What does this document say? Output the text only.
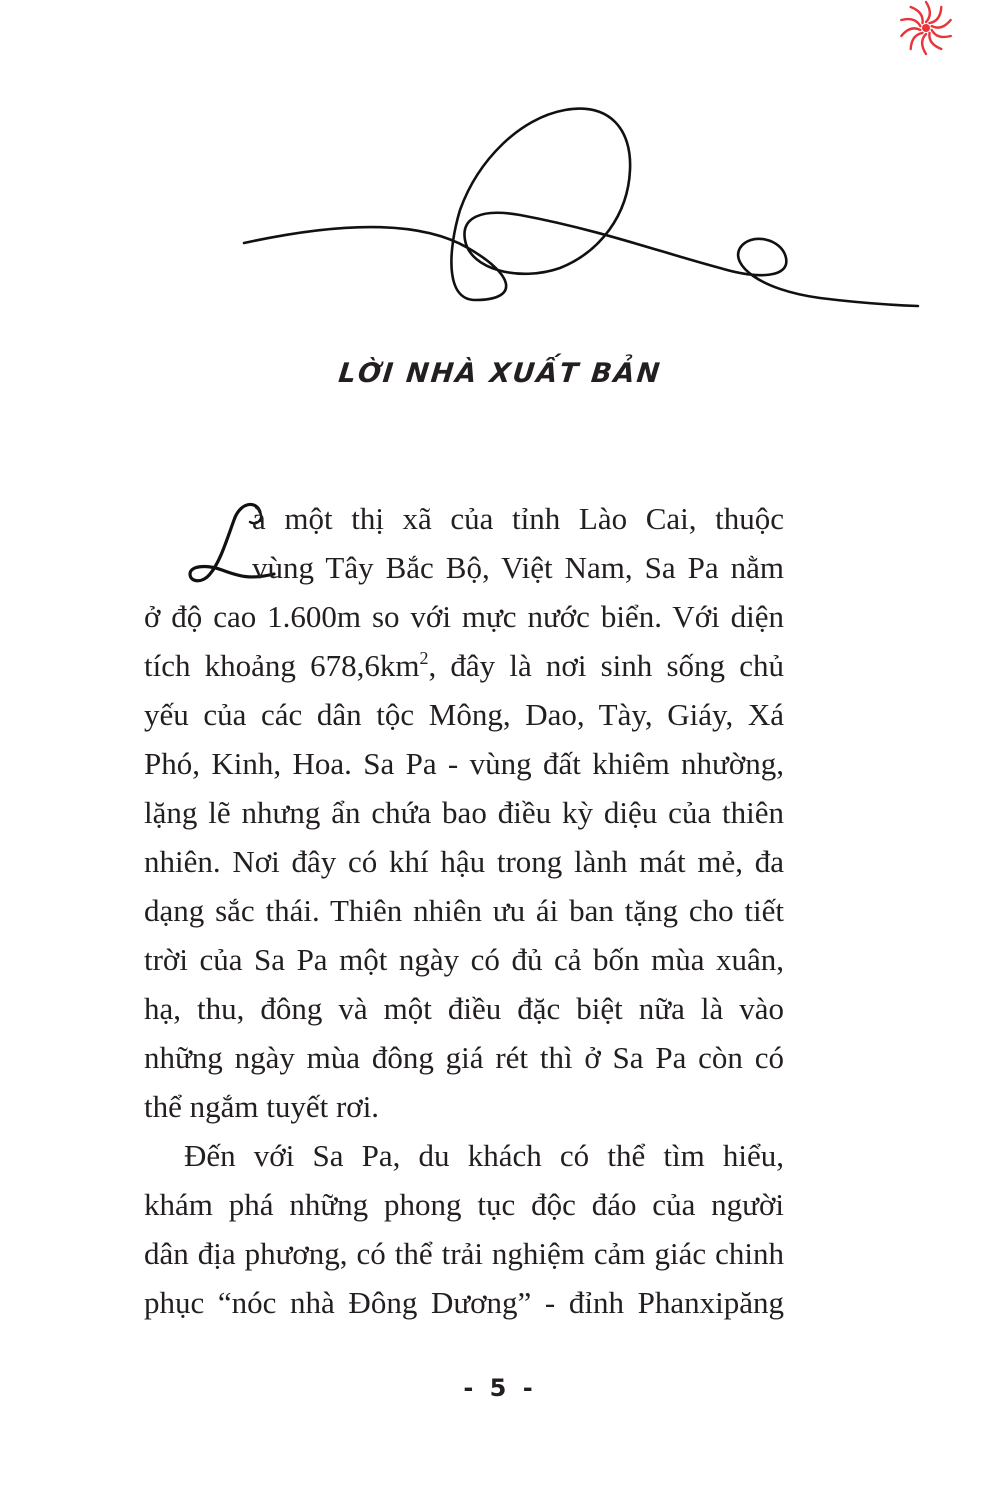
LỜI NHÀ XUẤT BẢN
L
à một thị xã của tỉnh Lào Cai, thuộc
vùng Tây Bắc Bộ, Việt Nam, Sa Pa nằm
ở độ cao 1.600m so với mực nước biển. Với diện
tích khoảng $678,6km^2$, đây là nơi sinh sống chủ
yếu của các dân tộc Mông, Dao, Tày, Giáy, Xá
Phó, Kinh, Hoa. Sa Pa - vùng đất khiêm nhường,
lặng lẽ nhưng ẩn chứa bao điều kỳ diệu của thiên
nhiên. Nơi đây có khí hậu trong lành mát mẻ, đa
dạng sắc thái. Thiên nhiên ưu ái ban tặng cho tiết
trời của Sa Pa một ngày có đủ cả bốn mùa xuân,
hạ, thu, đông và một điều đặc biệt nữa là vào
những ngày mùa đông giá rét thì ở Sa Pa còn có
thể ngắm tuyết rơi.
Đến với Sa Pa, du khách có thể tìm hiểu,
khám phá những phong tục độc đáo của người
dân địa phương, có thể trải nghiệm cảm giác chinh
phục “nóc nhà Đông Dương” - đỉnh Phanxipăng
- 5 -
